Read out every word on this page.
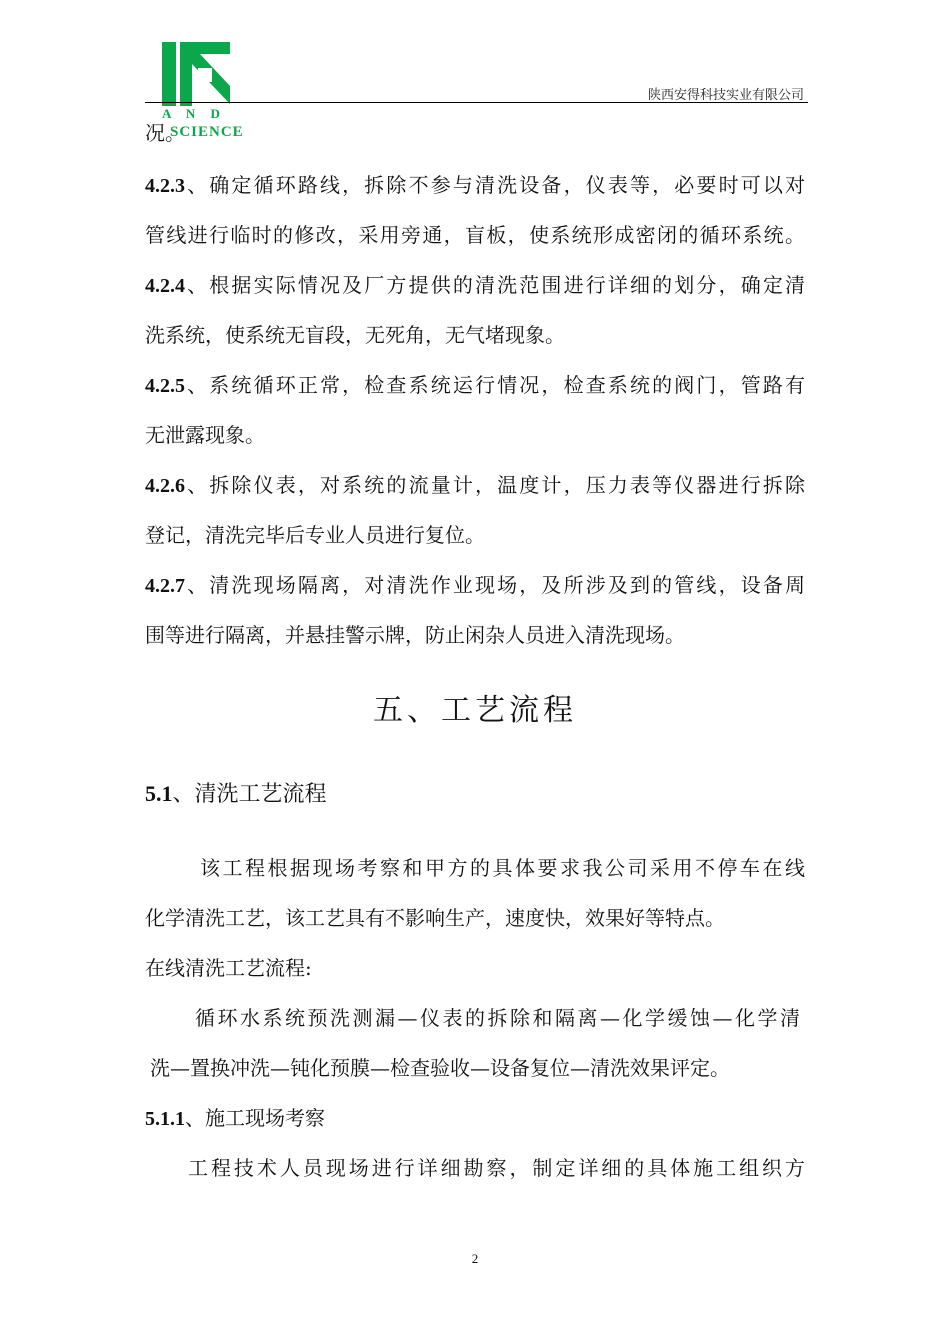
A N D
SCIENCE
陕西安得科技实业有限公司
况。
4.2.3、确定循环路线，拆除不参与清洗设备，仪表等，必要时可以对
管线进行临时的修改，采用旁通，盲板，使系统形成密闭的循环系统。
4.2.4、根据实际情况及厂方提供的清洗范围进行详细的划分，确定清
洗系统，使系统无盲段，无死角，无气堵现象。
4.2.5、系统循环正常，检查系统运行情况，检查系统的阀门，管路有
无泄露现象。
4.2.6、拆除仪表，对系统的流量计，温度计，压力表等仪器进行拆除
登记，清洗完毕后专业人员进行复位。
4.2.7、清洗现场隔离，对清洗作业现场，及所涉及到的管线，设备周
围等进行隔离，并悬挂警示牌，防止闲杂人员进入清洗现场。
五、工艺流程
5.1、清洗工艺流程
该工程根据现场考察和甲方的具体要求我公司采用不停车在线
化学清洗工艺，该工艺具有不影响生产，速度快，效果好等特点。
在线清洗工艺流程:
循环水系统预洗测漏—仪表的拆除和隔离—化学缓蚀—化学清
洗—置换冲洗—钝化预膜—检查验收—设备复位—清洗效果评定。
5.1.1、施工现场考察
工程技术人员现场进行详细勘察，制定详细的具体施工组织方
2
